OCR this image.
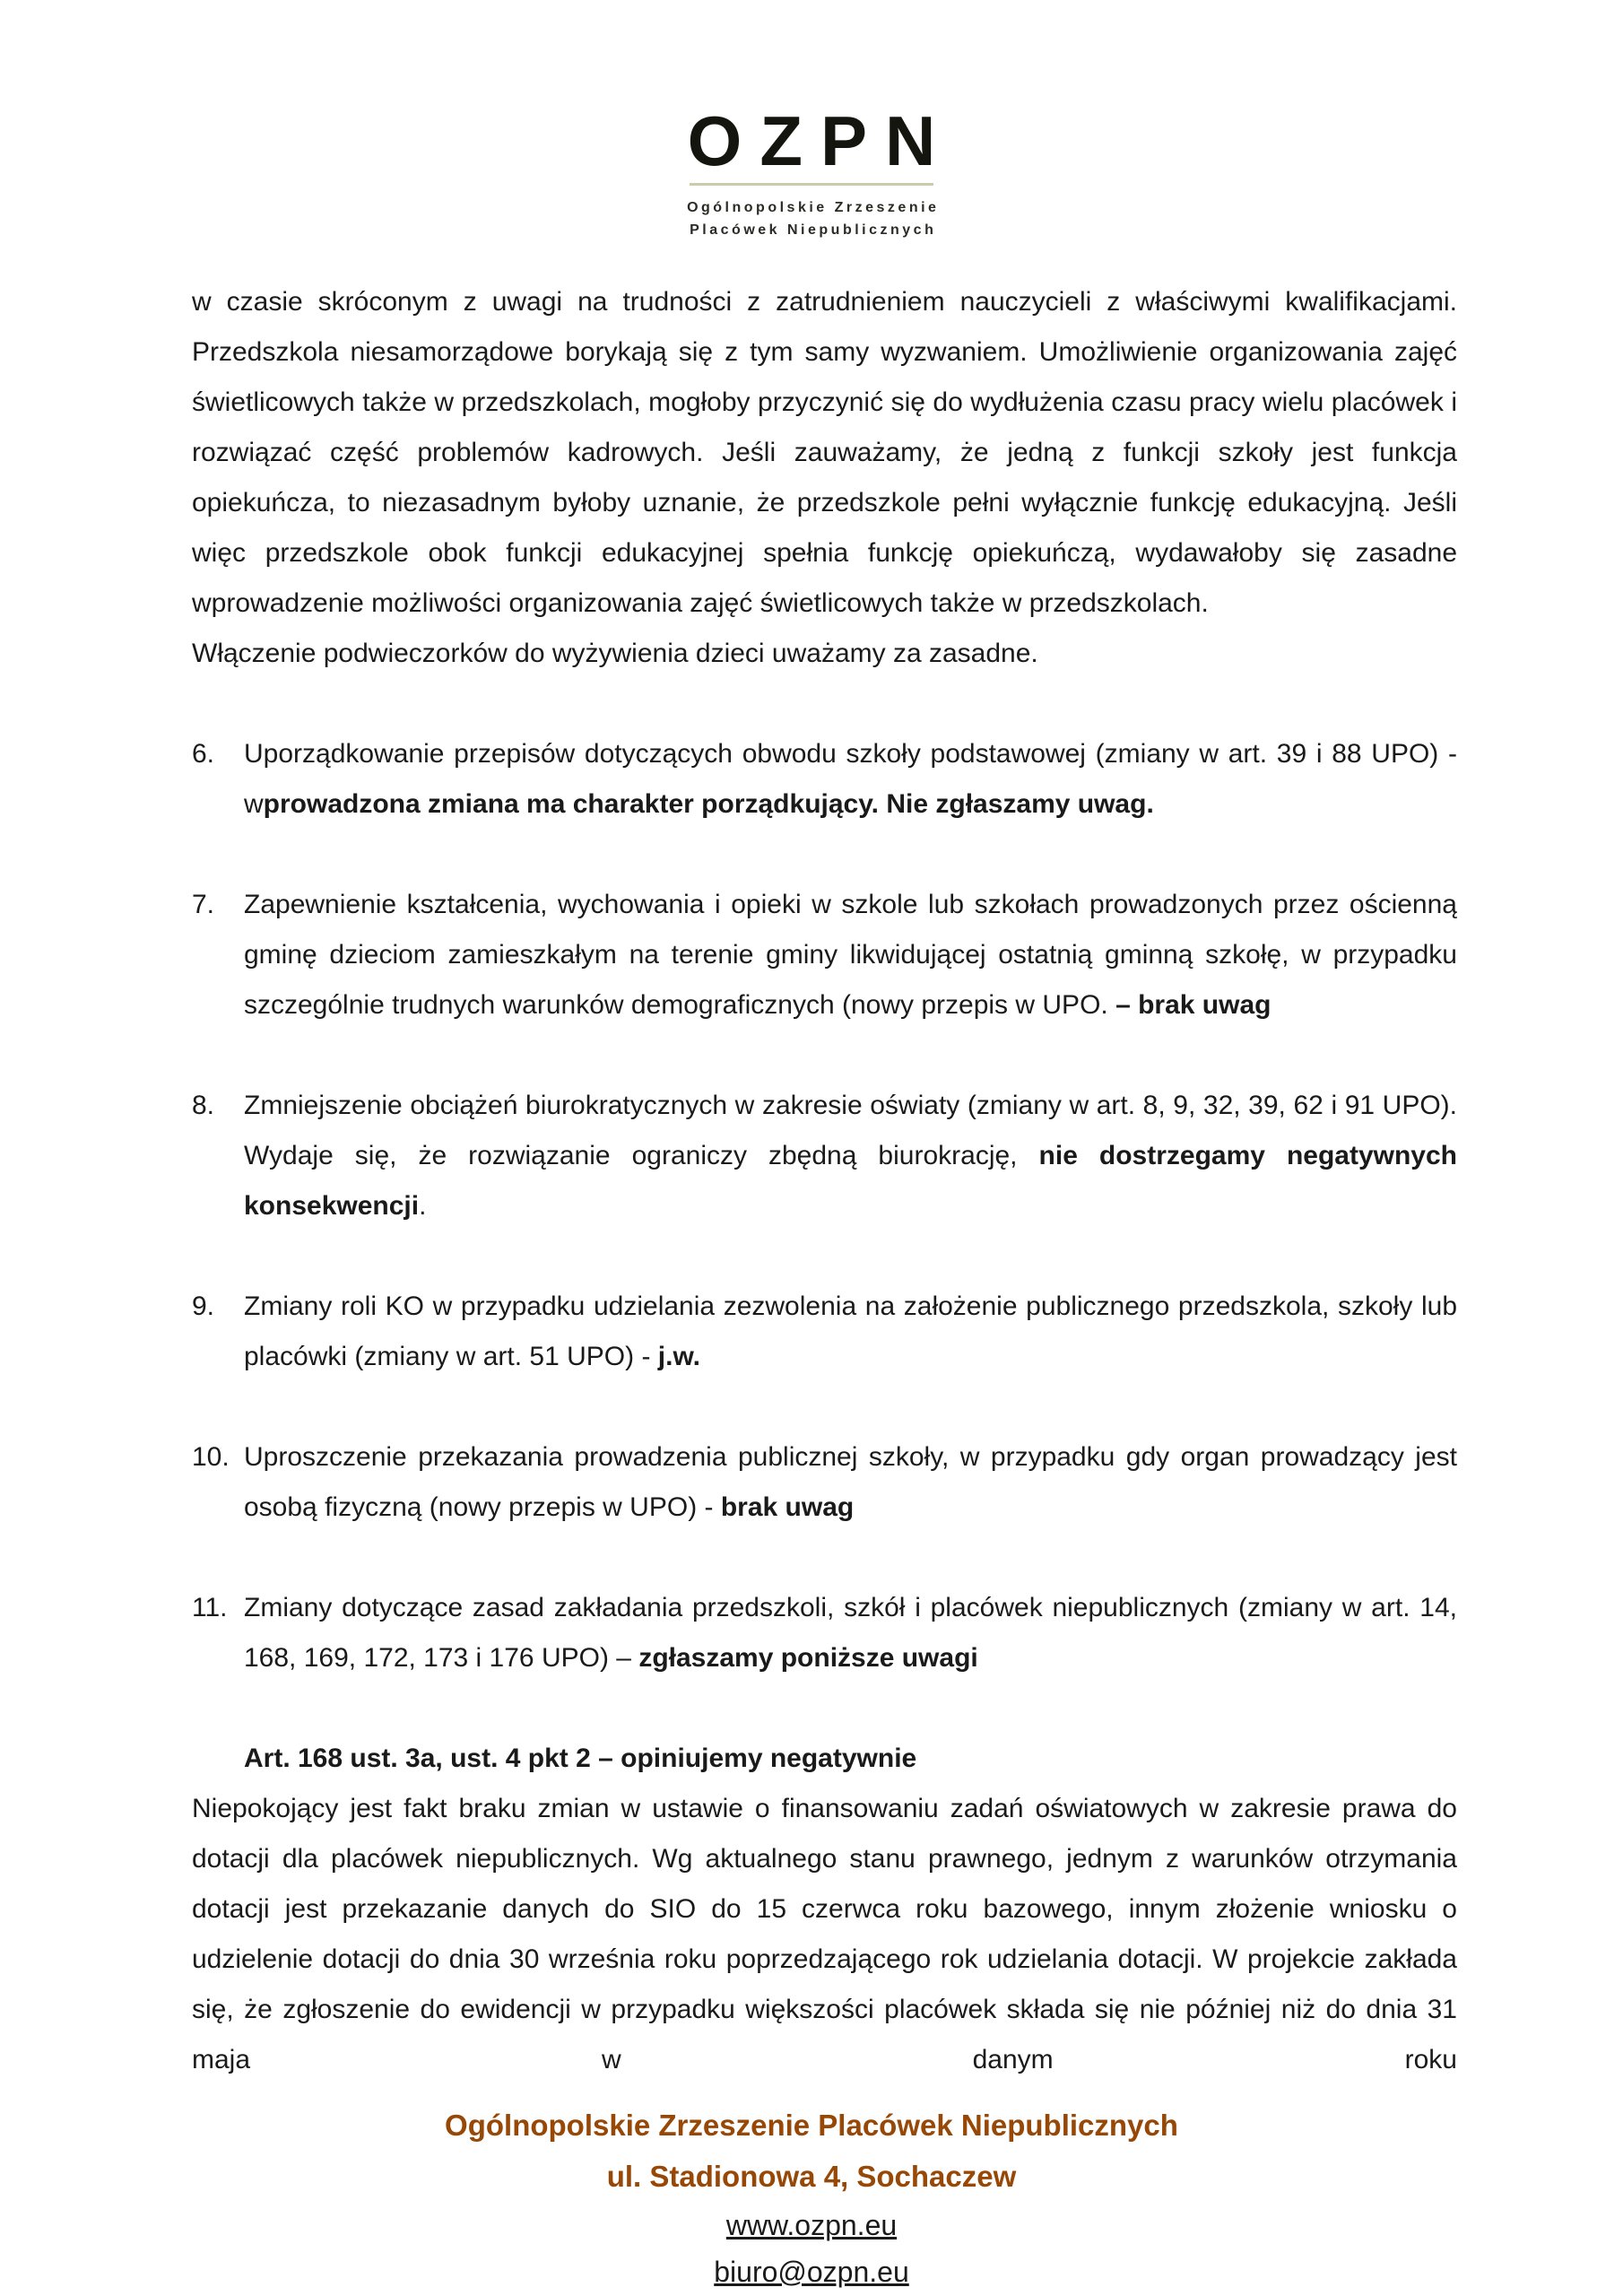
OZPN
Ogólnopolskie Zrzeszenie
Placówek Niepublicznych

w czasie skróconym z uwagi na trudności z zatrudnieniem nauczycieli z właściwymi kwalifikacjami. Przedszkola niesamorządowe borykają się z tym samy wyzwaniem. Umożliwienie organizowania zajęć świetlicowych także w przedszkolach, mogłoby przyczynić się do wydłużenia czasu pracy wielu placówek i rozwiązać część problemów kadrowych. Jeśli zauważamy, że jedną z funkcji szkoły jest funkcja opiekuńcza, to niezasadnym byłoby uznanie, że przedszkole pełni wyłącznie funkcję edukacyjną. Jeśli więc przedszkole obok funkcji edukacyjnej spełnia funkcję opiekuńczą, wydawałoby się zasadne wprowadzenie możliwości organizowania zajęć świetlicowych także w przedszkolach.

Włączenie podwieczorków do wyżywienia dzieci uważamy za zasadne.

6.	Uporządkowanie przepisów dotyczących obwodu szkoły podstawowej (zmiany w art. 39 i 88 UPO) - wprowadzona zmiana ma charakter porządkujący. Nie zgłaszamy uwag.
7.	Zapewnienie kształcenia, wychowania i opieki w szkole lub szkołach prowadzonych przez ościenną gminę dzieciom zamieszkałym na terenie gminy likwidującej ostatnią gminną szkołę, w przypadku szczególnie trudnych warunków demograficznych (nowy przepis w UPO. – brak uwag
8.	Zmniejszenie obciążeń biurokratycznych w zakresie oświaty (zmiany w art. 8, 9, 32, 39, 62 i 91 UPO). Wydaje się, że rozwiązanie ograniczy zbędną biurokrację, nie dostrzegamy negatywnych konsekwencji.
9.	Zmiany roli KO w przypadku udzielania zezwolenia na założenie publicznego przedszkola, szkoły lub placówki (zmiany w art. 51 UPO) - j.w.
10. Uproszczenie przekazania prowadzenia publicznej szkoły, w przypadku gdy organ prowadzący jest osobą fizyczną (nowy przepis w UPO) - brak uwag
11. Zmiany dotyczące zasad zakładania przedszkoli, szkół i placówek niepublicznych (zmiany w art. 14, 168, 169, 172, 173 i 176 UPO) – zgłaszamy poniższe uwagi
Art. 168 ust. 3a, ust. 4 pkt 2 – opiniujemy negatywnie

Niepokojący jest fakt braku zmian w ustawie o finansowaniu zadań oświatowych w zakresie prawa do dotacji dla placówek niepublicznych. Wg aktualnego stanu prawnego, jednym z warunków otrzymania dotacji jest przekazanie danych do SIO do 15 czerwca roku bazowego, innym złożenie wniosku o udzielenie dotacji do dnia 30 września roku poprzedzającego rok udzielania dotacji. W projekcie zakłada się, że zgłoszenie do ewidencji w przypadku większości placówek składa się nie później niż do dnia 31 maja w danym roku

Ogólnopolskie Zrzeszenie Placówek Niepublicznych
ul. Stadionowa 4, Sochaczew
www.ozpn.eu
biuro@ozpn.eu
